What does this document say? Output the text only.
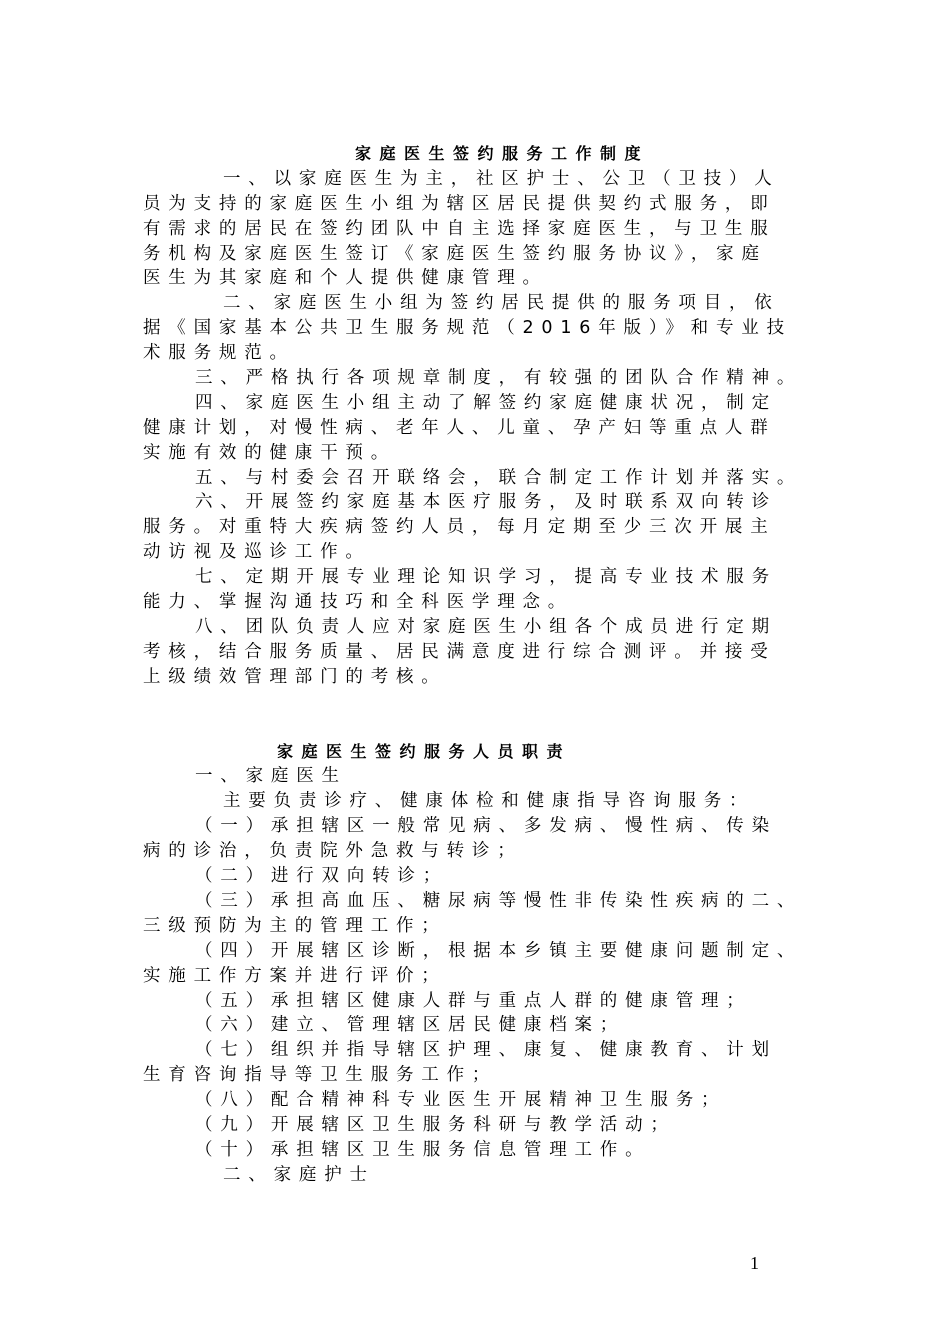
家庭医生签约服务工作制度
一、以家庭医生为主，社区护士、公卫（卫技）人
员为支持的家庭医生小组为辖区居民提供契约式服务，即
有需求的居民在签约团队中自主选择家庭医生，与卫生服
务机构及家庭医生签订《家庭医生签约服务协议》，家庭
医生为其家庭和个人提供健康管理。
二、家庭医生小组为签约居民提供的服务项目，依
据《国家基本公共卫生服务规范（2016年版）》和专业技
术服务规范。
三、严格执行各项规章制度，有较强的团队合作精神。
四、家庭医生小组主动了解签约家庭健康状况，制定
健康计划，对慢性病、老年人、儿童、孕产妇等重点人群
实施有效的健康干预。
五、与村委会召开联络会，联合制定工作计划并落实。
六、开展签约家庭基本医疗服务，及时联系双向转诊
服务。对重特大疾病签约人员，每月定期至少三次开展主
动访视及巡诊工作。
七、定期开展专业理论知识学习，提高专业技术服务
能力、掌握沟通技巧和全科医学理念。
八、团队负责人应对家庭医生小组各个成员进行定期
考核，结合服务质量、居民满意度进行综合测评。并接受
上级绩效管理部门的考核。
家庭医生签约服务人员职责
一、家庭医生
主要负责诊疗、健康体检和健康指导咨询服务：
（一）承担辖区一般常见病、多发病、慢性病、传染
病的诊治，负责院外急救与转诊；
（二）进行双向转诊；
（三）承担高血压、糖尿病等慢性非传染性疾病的二、
三级预防为主的管理工作；
（四）开展辖区诊断，根据本乡镇主要健康问题制定、
实施工作方案并进行评价；
（五）承担辖区健康人群与重点人群的健康管理；
（六）建立、管理辖区居民健康档案；
（七）组织并指导辖区护理、康复、健康教育、计划
生育咨询指导等卫生服务工作；
（八）配合精神科专业医生开展精神卫生服务；
（九）开展辖区卫生服务科研与教学活动；
（十）承担辖区卫生服务信息管理工作。
二、家庭护士
1
